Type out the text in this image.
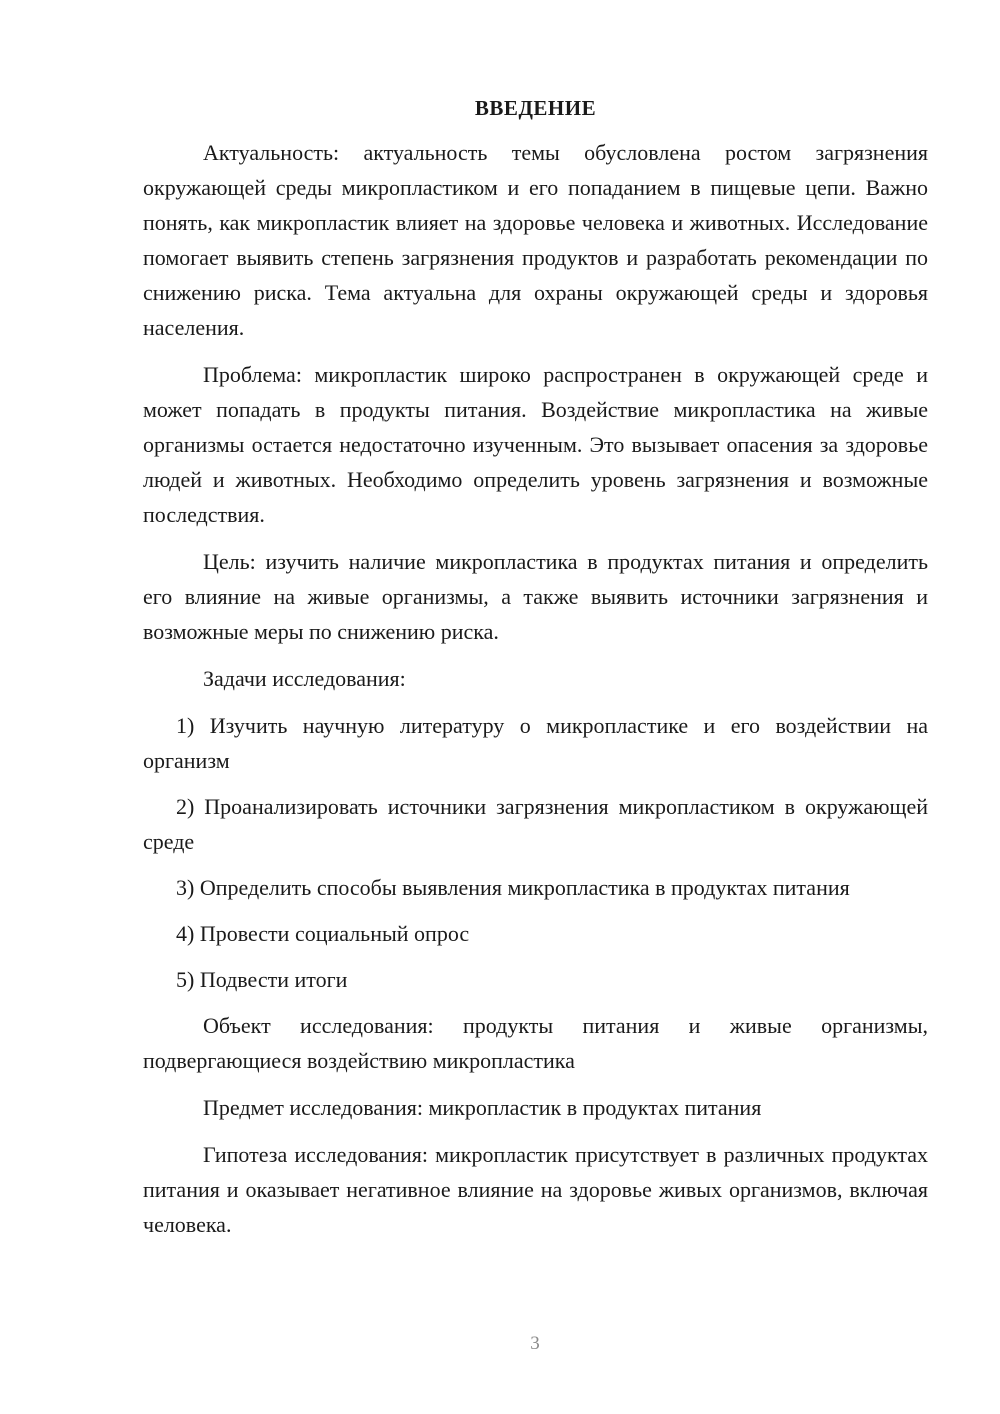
ВВЕДЕНИЕ

Актуальность: актуальность темы обусловлена ростом загрязнения окружающей среды микропластиком и его попаданием в пищевые цепи. Важно понять, как микропластик влияет на здоровье человека и животных. Исследование помогает выявить степень загрязнения продуктов и разработать рекомендации по снижению риска. Тема актуальна для охраны окружающей среды и здоровья населения.

Проблема: микропластик широко распространен в окружающей среде и может попадать в продукты питания. Воздействие микропластика на живые организмы остается недостаточно изученным. Это вызывает опасения за здоровье людей и животных. Необходимо определить уровень загрязнения и возможные последствия.

Цель: изучить наличие микропластика в продуктах питания и определить его влияние на живые организмы, а также выявить источники загрязнения и возможные меры по снижению риска.

Задачи исследования:

1) Изучить научную литературу о микропластике и его воздействии на организм

2) Проанализировать источники загрязнения микропластиком в окружающей среде

3) Определить способы выявления микропластика в продуктах питания

4) Провести социальный опрос

5) Подвести итоги

Объект исследования: продукты питания и живые организмы, подвергающиеся воздействию микропластика

Предмет исследования: микропластик в продуктах питания

Гипотеза исследования: микропластик присутствует в различных продуктах питания и оказывает негативное влияние на здоровье живых организмов, включая человека.

3
